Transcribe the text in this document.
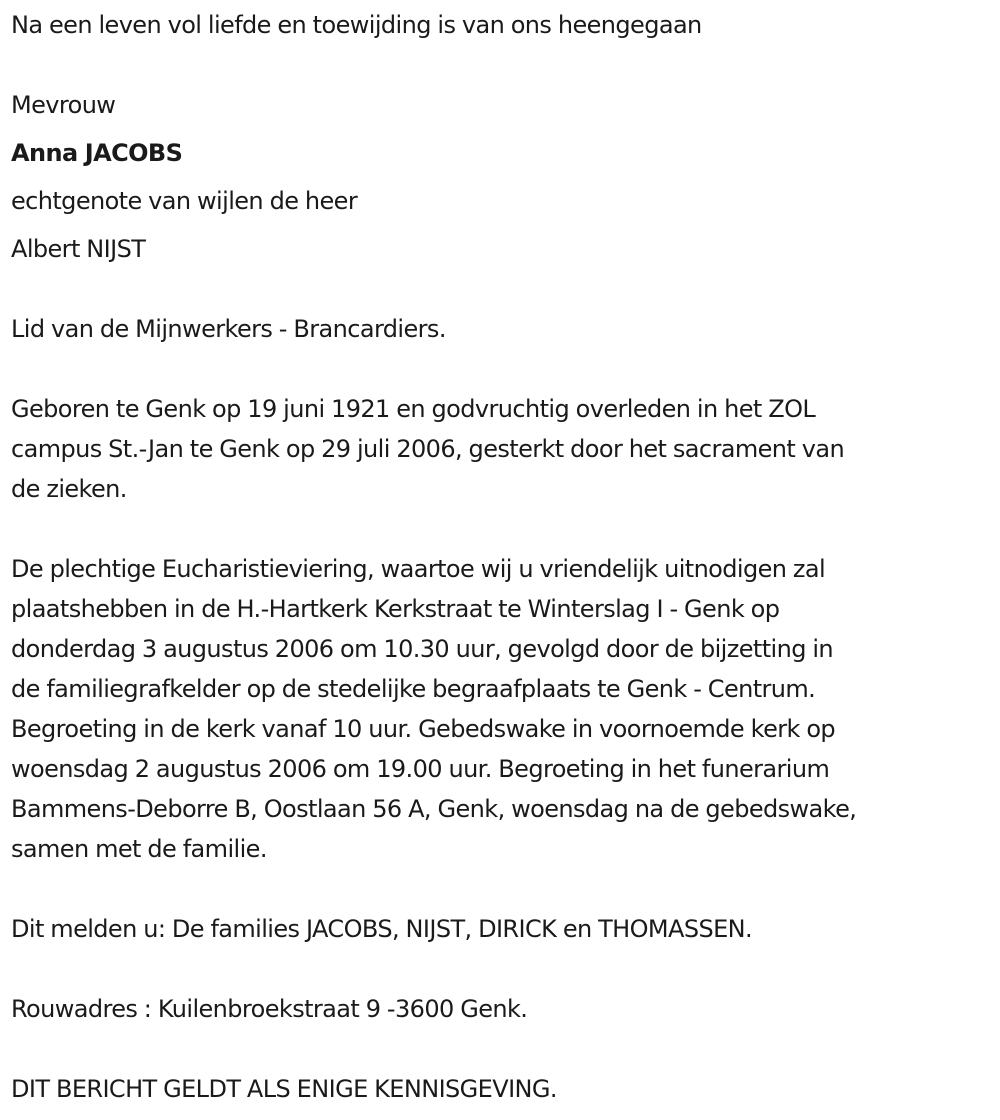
Na een leven vol liefde en toewijding is van ons heengegaan
Mevrouw
Anna JACOBS
echtgenote van wijlen de heer
Albert NIJST
Lid van de Mijnwerkers - Brancardiers.
Geboren te Genk op 19 juni 1921 en godvruchtig overleden in het ZOL
campus St.-Jan te Genk op 29 juli 2006, gesterkt door het sacrament van
de zieken.
De plechtige Eucharistieviering, waartoe wij u vriendelijk uitnodigen zal
plaatshebben in de H.-Hartkerk Kerkstraat te Winterslag I - Genk op
donderdag 3 augustus 2006 om 10.30 uur, gevolgd door de bijzetting in
de familiegrafkelder op de stedelijke begraafplaats te Genk - Centrum.
Begroeting in de kerk vanaf 10 uur. Gebedswake in voornoemde kerk op
woensdag 2 augustus 2006 om 19.00 uur. Begroeting in het funerarium
Bammens-Deborre B, Oostlaan 56 A, Genk, woensdag na de gebedswake,
samen met de familie.
Dit melden u: De families JACOBS, NIJST, DIRICK en THOMASSEN.
Rouwadres : Kuilenbroekstraat 9 -3600 Genk.
DIT BERICHT GELDT ALS ENIGE KENNISGEVING.
